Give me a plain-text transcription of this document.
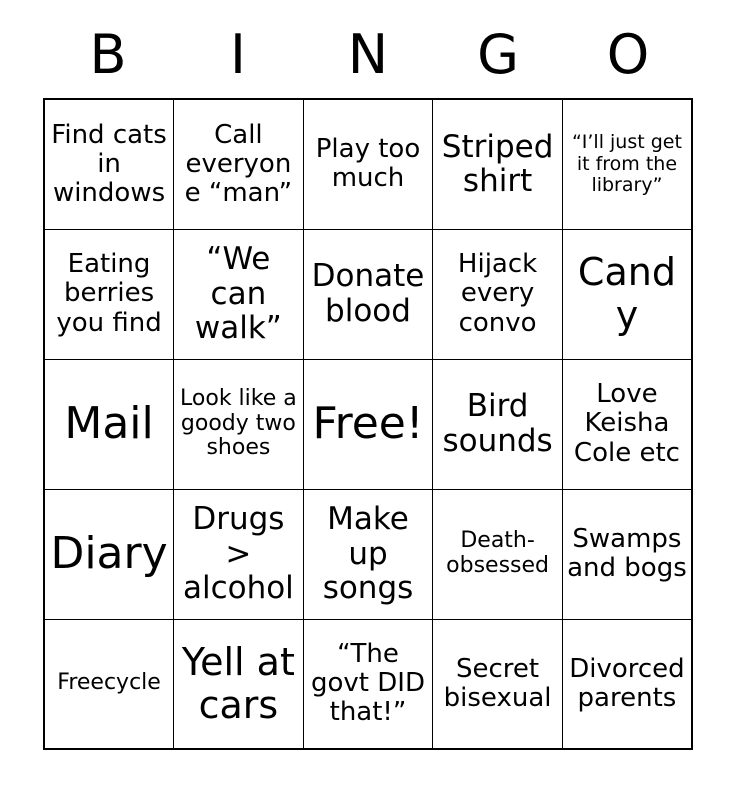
B	I	N	G	O
Find cats in windows	Call everyone “man”	Play too much	Striped shirt	“I’ll just get it from the library”
Eating berries you find	“We can walk”	Donate blood	Hijack every convo	Candy
Mail	Look like a goody two shoes	Free!	Bird sounds	Love Keisha Cole etc
Diary	Drugs > alcohol	Make up songs	Death-obsessed	Swamps and bogs
Freecycle	Yell at cars	“The govt DID that!”	Secret bisexual	Divorced parents
